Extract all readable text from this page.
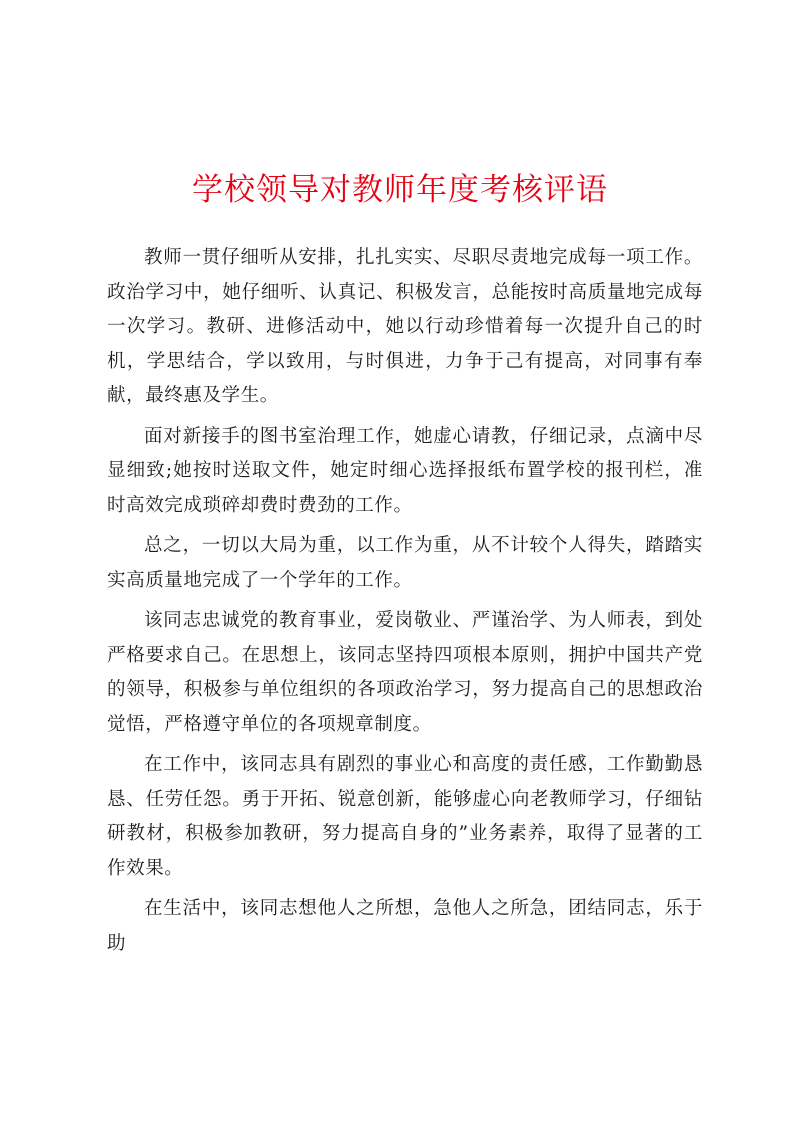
学校领导对教师年度考核评语

教师一贯仔细听从安排，扎扎实实、尽职尽责地完成每一项工作。政治学习中，她仔细听、认真记、积极发言，总能按时高质量地完成每一次学习。教研、进修活动中，她以行动珍惜着每一次提升自己的时机，学思结合，学以致用，与时俱进，力争于己有提高，对同事有奉献，最终惠及学生。

面对新接手的图书室治理工作，她虚心请教，仔细记录，点滴中尽显细致;她按时送取文件，她定时细心选择报纸布置学校的报刊栏，准时高效完成琐碎却费时费劲的工作。

总之，一切以大局为重，以工作为重，从不计较个人得失，踏踏实实高质量地完成了一个学年的工作。

该同志忠诚党的教育事业，爱岗敬业、严谨治学、为人师表，到处严格要求自己。在思想上，该同志坚持四项根本原则，拥护中国共产党的领导，积极参与单位组织的各项政治学习，努力提高自己的思想政治觉悟，严格遵守单位的各项规章制度。

在工作中，该同志具有剧烈的事业心和高度的责任感，工作勤勤恳恳、任劳任怨。勇于开拓、锐意创新，能够虚心向老教师学习，仔细钻研教材，积极参加教研，努力提高自身的”业务素养，取得了显著的工作效果。

在生活中，该同志想他人之所想，急他人之所急，团结同志，乐于助
